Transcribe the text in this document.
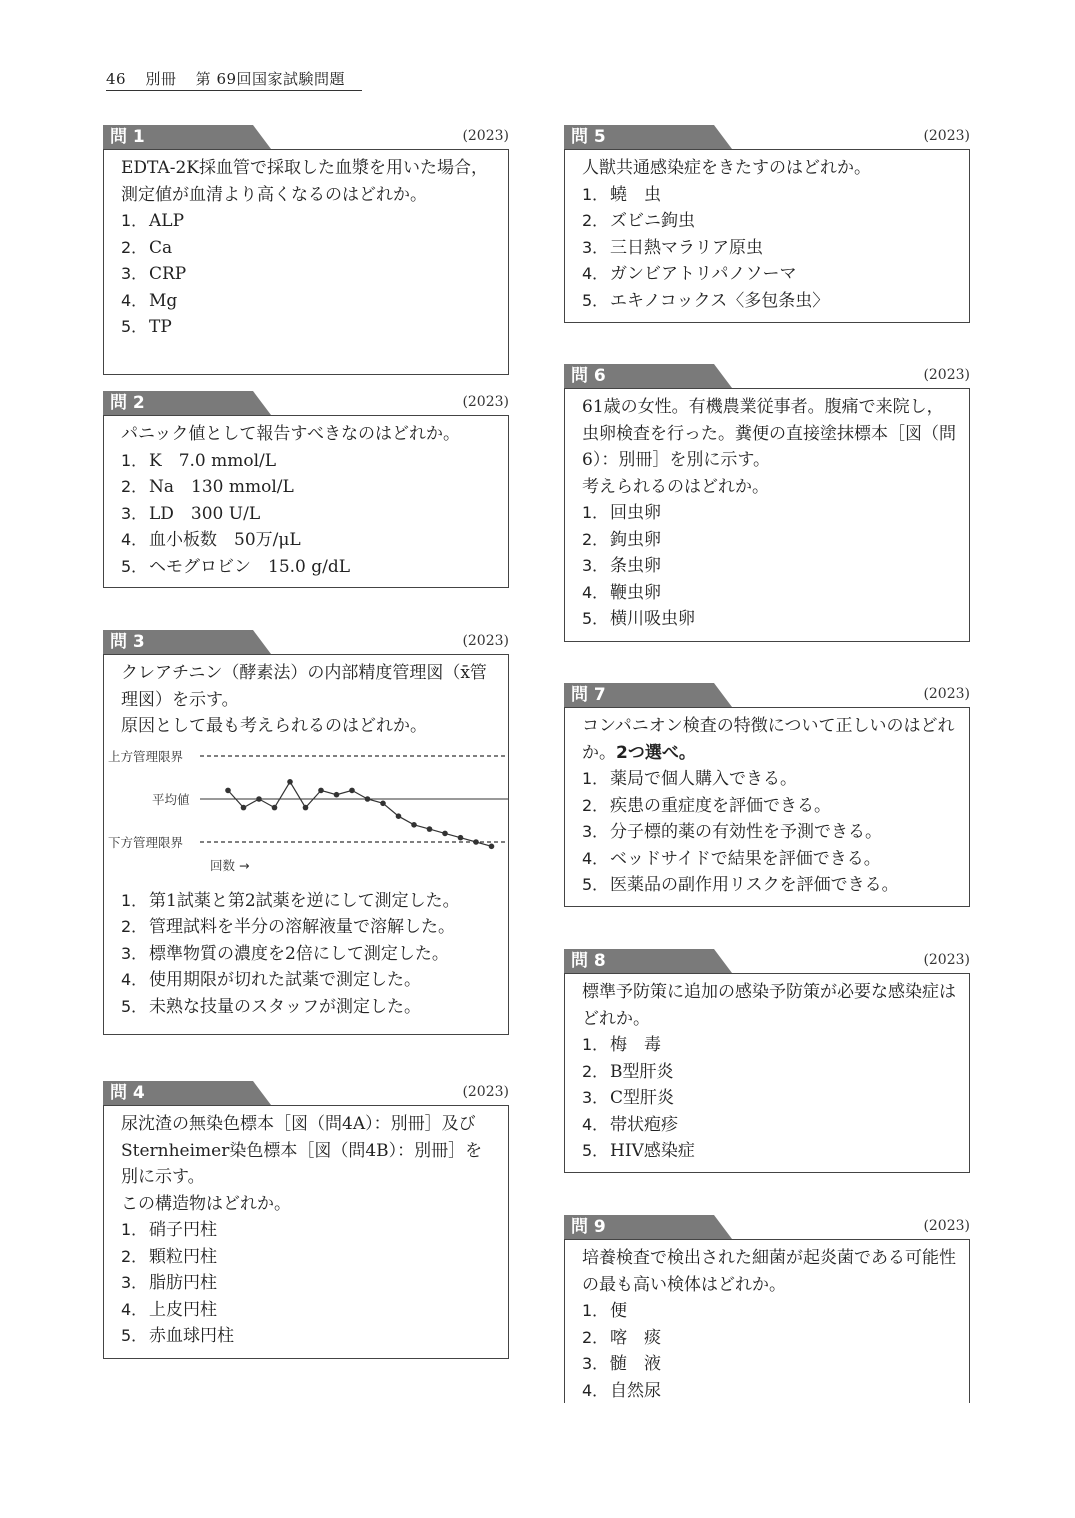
46 別冊 第 69回国家試験問題
問 1	(2023)

EDTA-2K採血管で採取した血漿を用いた場合，測定値が血清より高くなるのはどれか。

1． ALP
2． Ca
3． CRP
4． Mg
5． TP
問 2	(2023)

パニック値として報告すべきなのはどれか。

1． K　7.0 mmol/L
2． Na　130 mmol/L
3． LD　300 U/L
4． 血小板数　50万/μL
5． ヘモグロビン　15.0 g/dL
問 3	(2023)

クレアチニン（酵素法）の内部精度管理図（x̄管理図）を示す。

原因として最も考えられるのはどれか。

上方管理限界
平均値
下方管理限界
回数 →
1． 第1試薬と第2試薬を逆にして測定した。
2． 管理試料を半分の溶解液量で溶解した。
3． 標準物質の濃度を2倍にして測定した。
4． 使用期限が切れた試薬で測定した。
5． 未熟な技量のスタッフが測定した。
問 4	(2023)

尿沈渣の無染色標本［図（問4A）：別冊］及びSternheimer染色標本［図（問4B）：別冊］を別に示す。

この構造物はどれか。

1． 硝子円柱
2． 顆粒円柱
3． 脂肪円柱
4． 上皮円柱
5． 赤血球円柱
問 5	(2023)

人獣共通感染症をきたすのはどれか。

1． 蟯　虫
2． ズビニ鉤虫
3． 三日熱マラリア原虫
4． ガンビアトリパノソーマ
5． エキノコックス〈多包条虫〉
問 6	(2023)

61歳の女性。有機農業従事者。腹痛で来院し，虫卵検査を行った。糞便の直接塗抹標本［図（問6）：別冊］を別に示す。

考えられるのはどれか。

1． 回虫卵
2． 鉤虫卵
3． 条虫卵
4． 鞭虫卵
5． 横川吸虫卵
問 7	(2023)

コンパニオン検査の特徴について正しいのはどれか。2つ選べ。

1． 薬局で個人購入できる。
2． 疾患の重症度を評価できる。
3． 分子標的薬の有効性を予測できる。
4． ベッドサイドで結果を評価できる。
5． 医薬品の副作用リスクを評価できる。
問 8	(2023)

標準予防策に追加の感染予防策が必要な感染症はどれか。

1． 梅　毒
2． B型肝炎
3． C型肝炎
4． 帯状疱疹
5． HIV感染症
問 9	(2023)

培養検査で検出された細菌が起炎菌である可能性の最も高い検体はどれか。

1． 便
2． 喀　痰
3． 髄　液
4． 自然尿
